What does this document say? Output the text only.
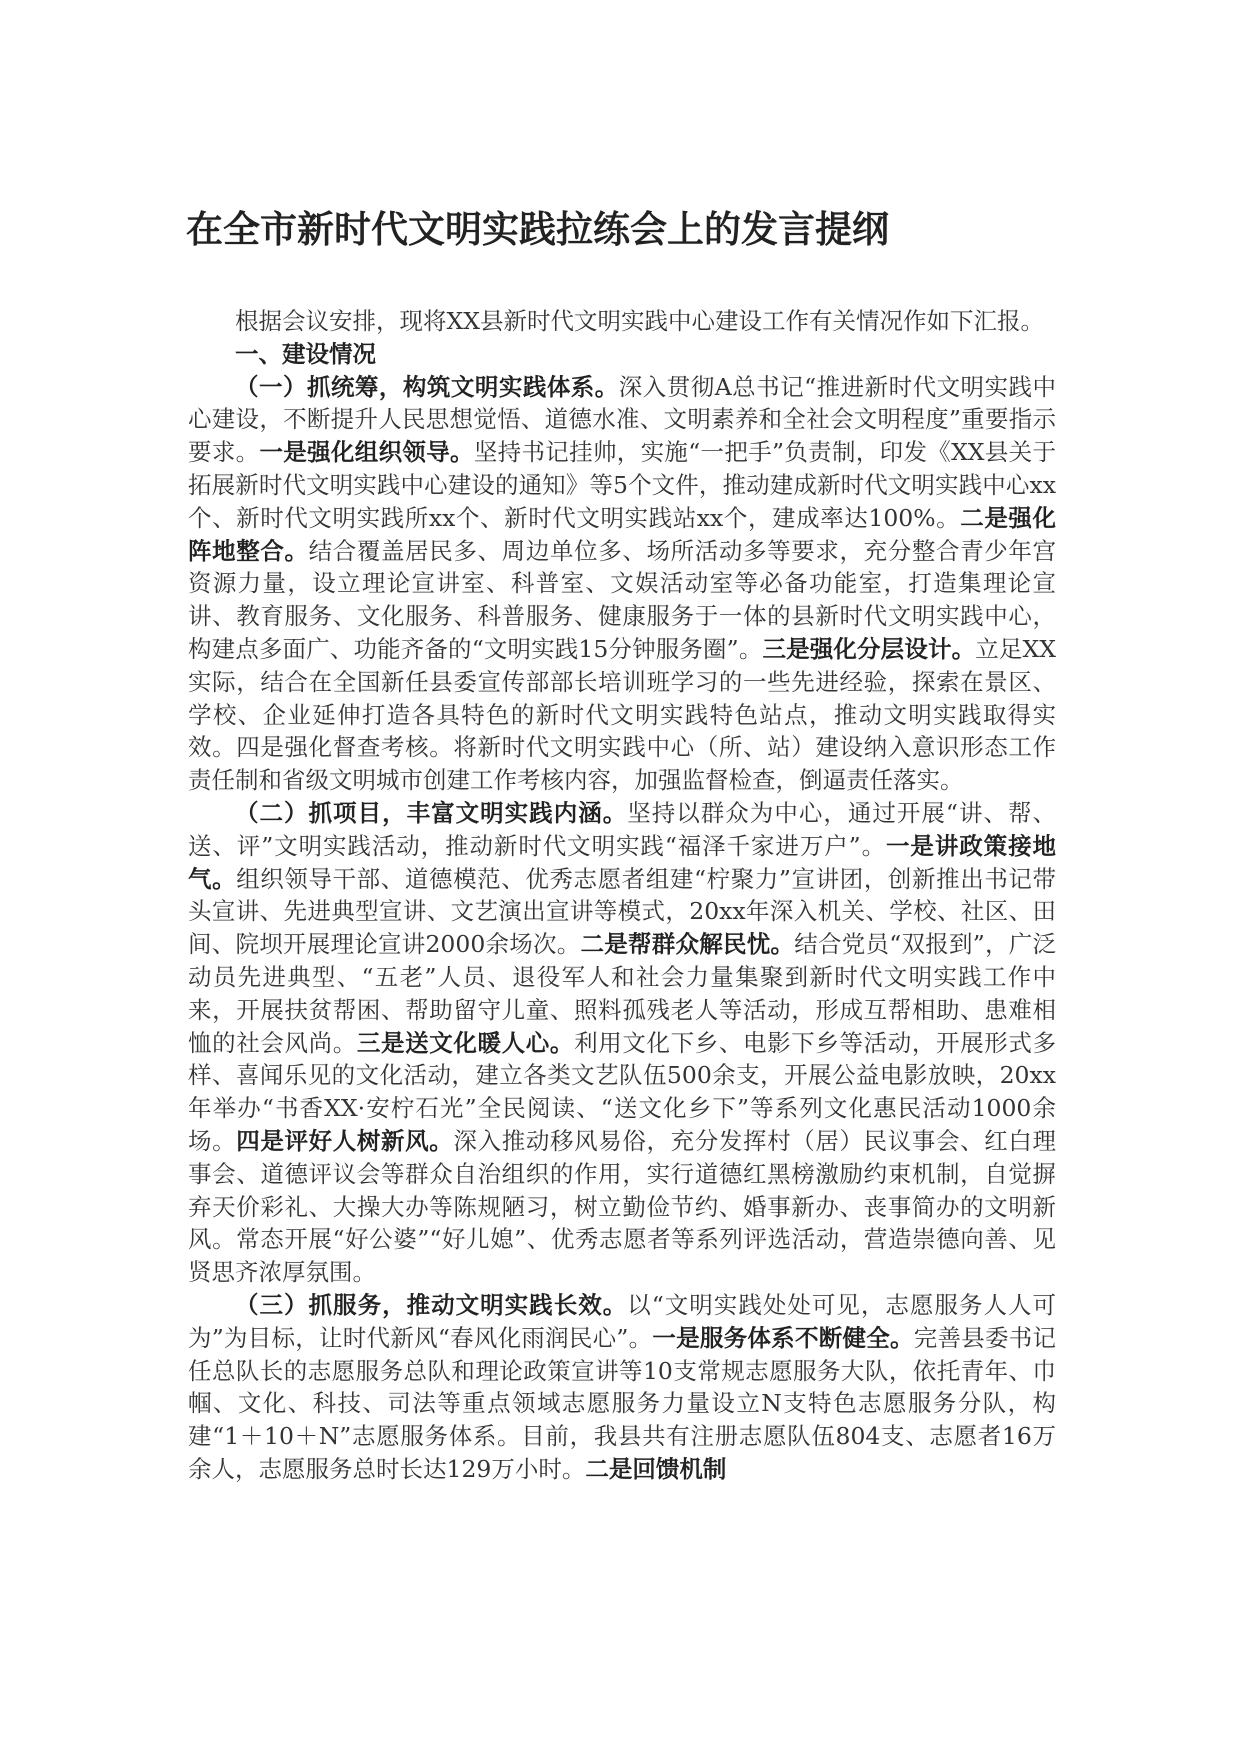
在全市新时代文明实践拉练会上的发言提纲

根据会议安排，现将XX县新时代文明实践中心建设工作有关情况作如下汇报。

一、建设情况

（一）抓统筹，构筑文明实践体系。深入贯彻A总书记“推进新时代文明实践中心建设，不断提升人民思想觉悟、道德水准、文明素养和全社会文明程度”重要指示要求。一是强化组织领导。坚持书记挂帅，实施“一把手”负责制，印发《XX县关于拓展新时代文明实践中心建设的通知》等5个文件，推动建成新时代文明实践中心xx个、新时代文明实践所xx个、新时代文明实践站xx个，建成率达100%。二是强化阵地整合。结合覆盖居民多、周边单位多、场所活动多等要求，充分整合青少年宫资源力量，设立理论宣讲室、科普室、文娱活动室等必备功能室，打造集理论宣讲、教育服务、文化服务、科普服务、健康服务于一体的县新时代文明实践中心，构建点多面广、功能齐备的“文明实践15分钟服务圈”。三是强化分层设计。立足XX实际，结合在全国新任县委宣传部部长培训班学习的一些先进经验，探索在景区、学校、企业延伸打造各具特色的新时代文明实践特色站点，推动文明实践取得实效。四是强化督查考核。将新时代文明实践中心（所、站）建设纳入意识形态工作责任制和省级文明城市创建工作考核内容，加强监督检查，倒逼责任落实。

（二）抓项目，丰富文明实践内涵。坚持以群众为中心，通过开展“讲、帮、送、评”文明实践活动，推动新时代文明实践“福泽千家进万户”。一是讲政策接地气。组织领导干部、道德模范、优秀志愿者组建“柠聚力”宣讲团，创新推出书记带头宣讲、先进典型宣讲、文艺演出宣讲等模式，20xx年深入机关、学校、社区、田间、院坝开展理论宣讲2000余场次。二是帮群众解民忧。结合党员“双报到”，广泛动员先进典型、“五老”人员、退役军人和社会力量集聚到新时代文明实践工作中来，开展扶贫帮困、帮助留守儿童、照料孤残老人等活动，形成互帮相助、患难相恤的社会风尚。三是送文化暖人心。利用文化下乡、电影下乡等活动，开展形式多样、喜闻乐见的文化活动，建立各类文艺队伍500余支，开展公益电影放映，20xx年举办“书香XX·安柠石光”全民阅读、“送文化乡下”等系列文化惠民活动1000余场。四是评好人树新风。深入推动移风易俗，充分发挥村（居）民议事会、红白理事会、道德评议会等群众自治组织的作用，实行道德红黑榜激励约束机制，自觉摒弃天价彩礼、大操大办等陈规陋习，树立勤俭节约、婚事新办、丧事简办的文明新风。常态开展“好公婆”“好儿媳”、优秀志愿者等系列评选活动，营造崇德向善、见贤思齐浓厚氛围。

（三）抓服务，推动文明实践长效。以“文明实践处处可见，志愿服务人人可为”为目标，让时代新风“春风化雨润民心”。一是服务体系不断健全。完善县委书记任总队长的志愿服务总队和理论政策宣讲等10支常规志愿服务大队，依托青年、巾帼、文化、科技、司法等重点领域志愿服务力量设立N支特色志愿服务分队，构建“1＋10＋N”志愿服务体系。目前，我县共有注册志愿队伍804支、志愿者16万余人，志愿服务总时长达129万小时。二是回馈机制
